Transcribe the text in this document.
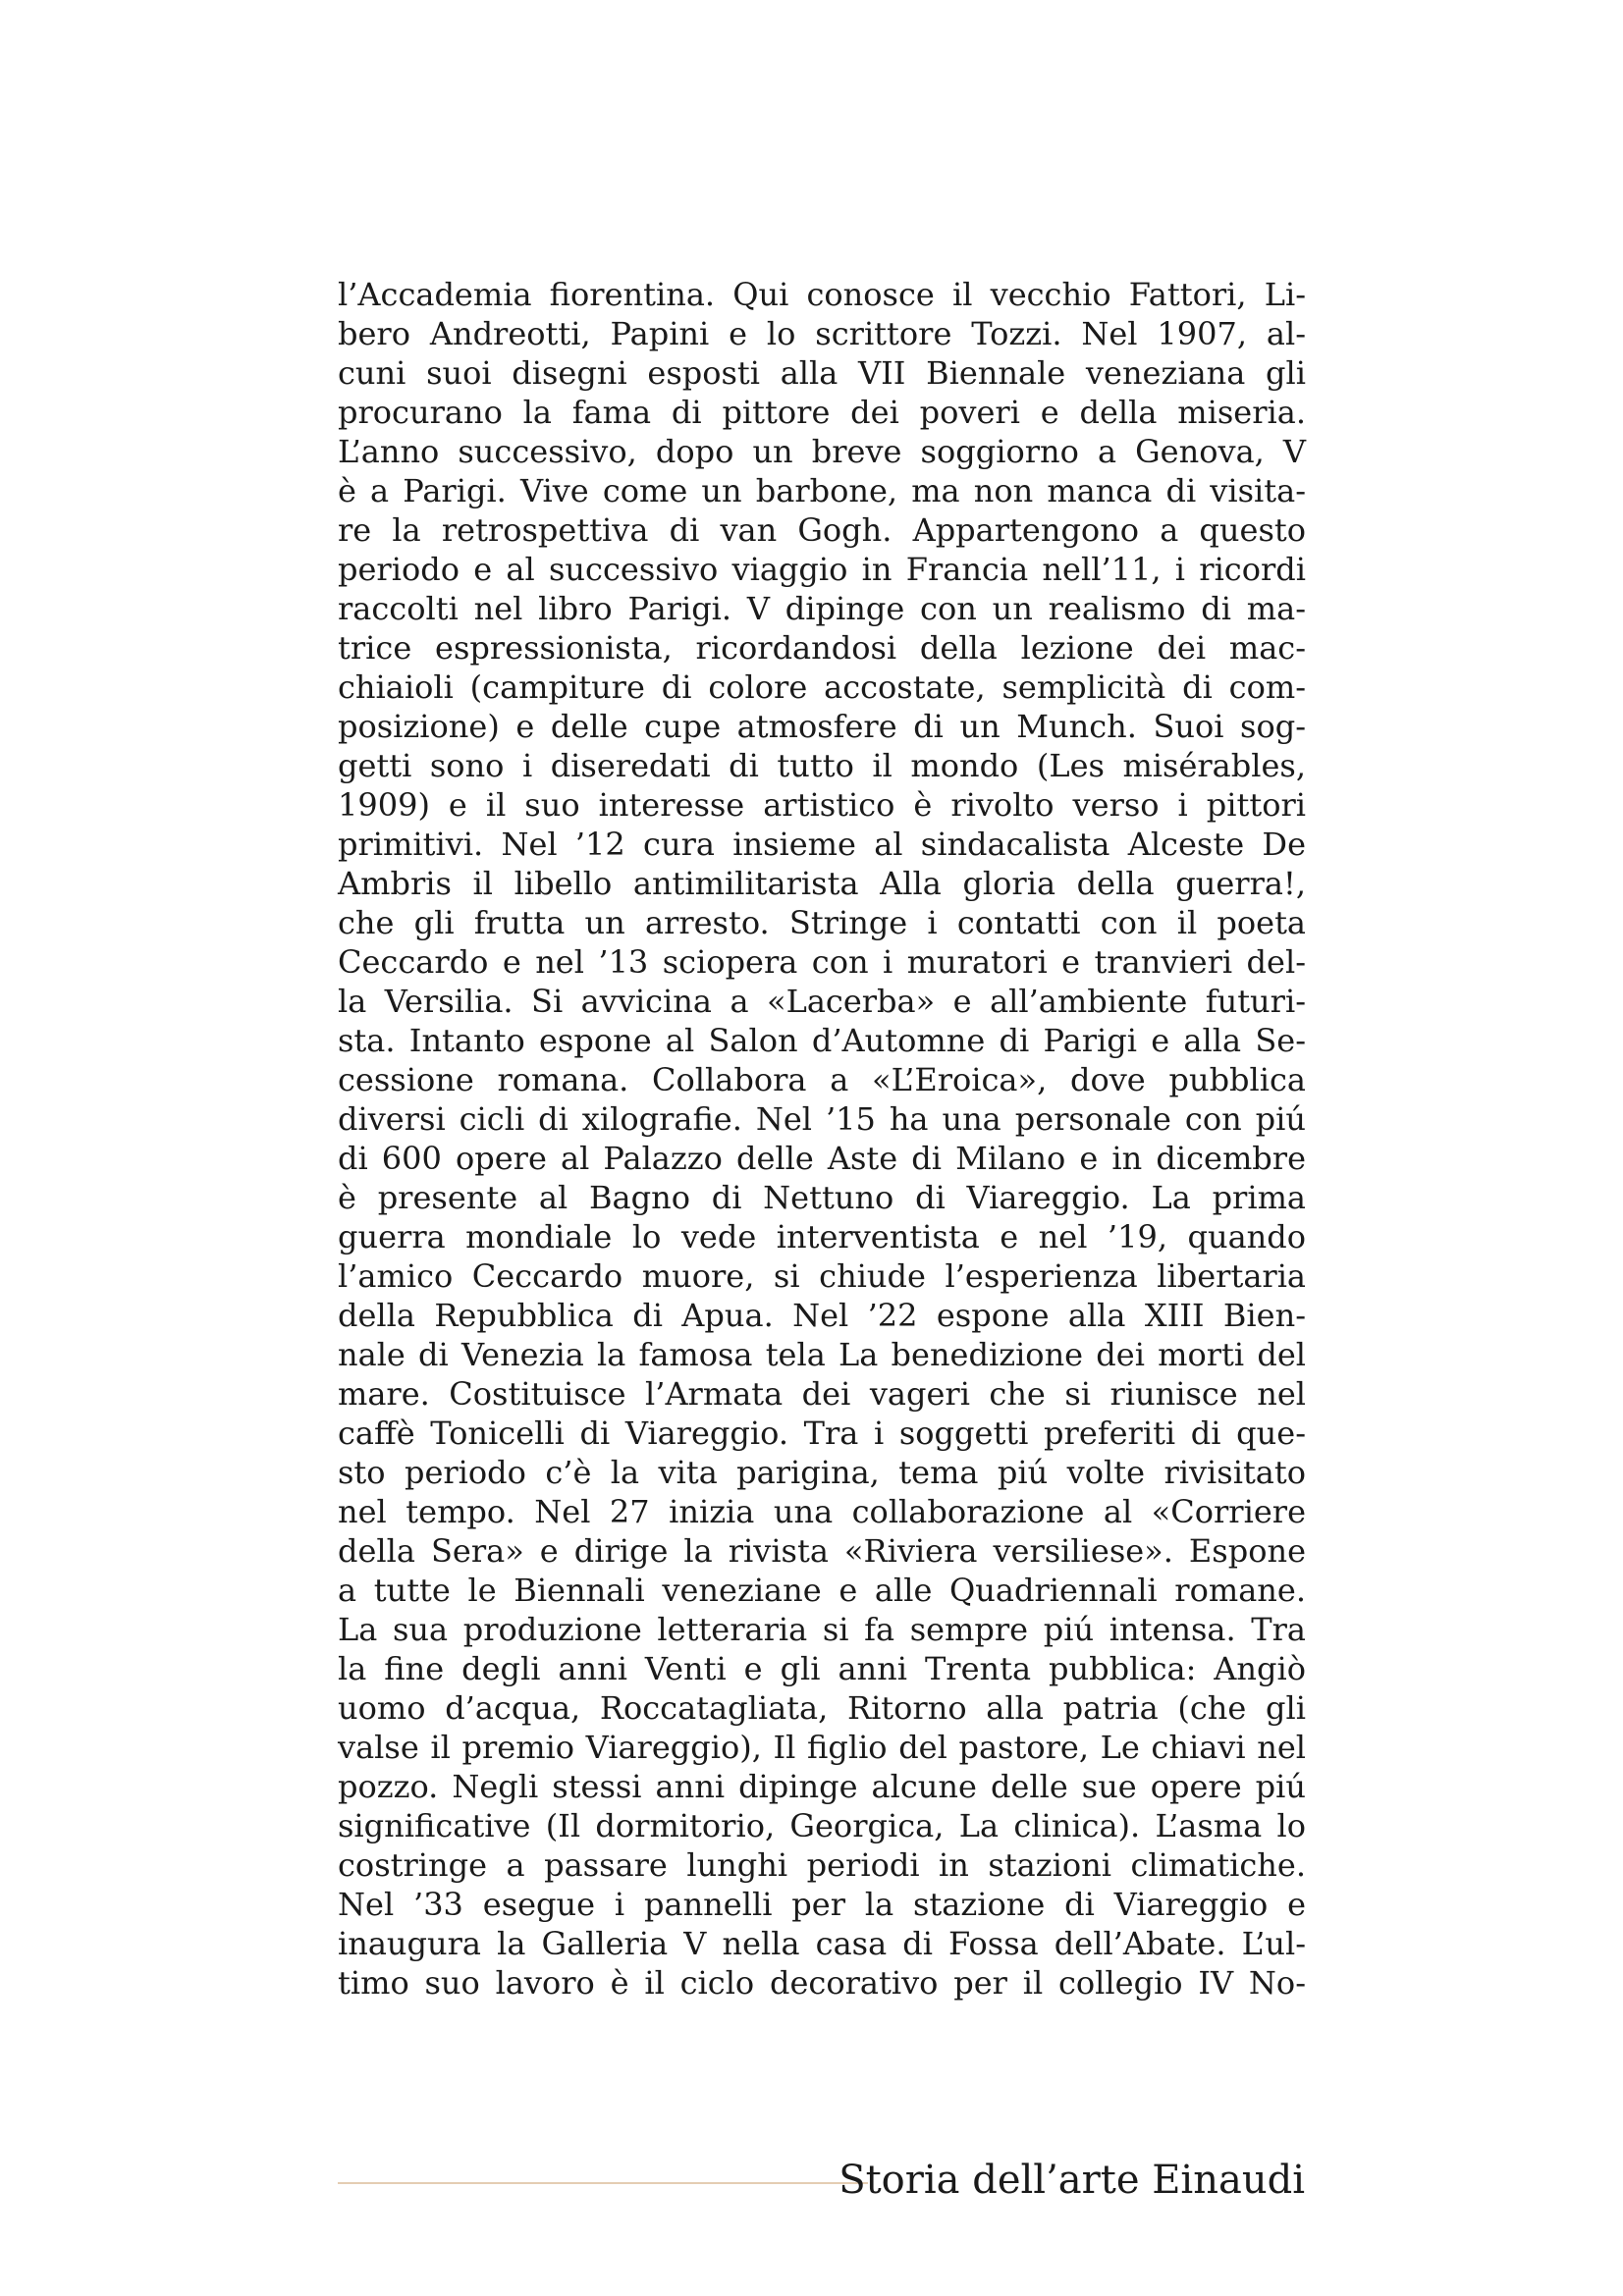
l’Accademia fiorentina. Qui conosce il vecchio Fattori, Li-
bero Andreotti, Papini e lo scrittore Tozzi. Nel 1907, al-
cuni suoi disegni esposti alla VII Biennale veneziana gli
procurano la fama di pittore dei poveri e della miseria.
L’anno successivo, dopo un breve soggiorno a Genova, V
è a Parigi. Vive come un barbone, ma non manca di visita-
re la retrospettiva di van Gogh. Appartengono a questo
periodo e al successivo viaggio in Francia nell’11, i ricordi
raccolti nel libro Parigi. V dipinge con un realismo di ma-
trice espressionista, ricordandosi della lezione dei mac-
chiaioli (campiture di colore accostate, semplicità di com-
posizione) e delle cupe atmosfere di un Munch. Suoi sog-
getti sono i diseredati di tutto il mondo (Les misérables,
1909) e il suo interesse artistico è rivolto verso i pittori
primitivi. Nel ’12 cura insieme al sindacalista Alceste De
Ambris il libello antimilitarista Alla gloria della guerra!,
che gli frutta un arresto. Stringe i contatti con il poeta
Ceccardo e nel ’13 sciopera con i muratori e tranvieri del-
la Versilia. Si avvicina a «Lacerba» e all’ambiente futuri-
sta. Intanto espone al Salon d’Automne di Parigi e alla Se-
cessione romana. Collabora a «L’Eroica», dove pubblica
diversi cicli di xilografie. Nel ’15 ha una personale con piú
di 600 opere al Palazzo delle Aste di Milano e in dicembre
è presente al Bagno di Nettuno di Viareggio. La prima
guerra mondiale lo vede interventista e nel ’19, quando
l’amico Ceccardo muore, si chiude l’esperienza libertaria
della Repubblica di Apua. Nel ’22 espone alla XIII Bien-
nale di Venezia la famosa tela La benedizione dei morti del
mare. Costituisce l’Armata dei vageri che si riunisce nel
caffè Tonicelli di Viareggio. Tra i soggetti preferiti di que-
sto periodo c’è la vita parigina, tema piú volte rivisitato
nel tempo. Nel 27 inizia una collaborazione al «Corriere
della Sera» e dirige la rivista «Riviera versiliese». Espone
a tutte le Biennali veneziane e alle Quadriennali romane.
La sua produzione letteraria si fa sempre piú intensa. Tra
la fine degli anni Venti e gli anni Trenta pubblica: Angiò
uomo d’acqua, Roccatagliata, Ritorno alla patria (che gli
valse il premio Viareggio), Il figlio del pastore, Le chiavi nel
pozzo. Negli stessi anni dipinge alcune delle sue opere piú
significative (Il dormitorio, Georgica, La clinica). L’asma lo
costringe a passare lunghi periodi in stazioni climatiche.
Nel ’33 esegue i pannelli per la stazione di Viareggio e
inaugura la Galleria V nella casa di Fossa dell’Abate. L’ul-
timo suo lavoro è il ciclo decorativo per il collegio IV No-
Storia dell’arte Einaudi
